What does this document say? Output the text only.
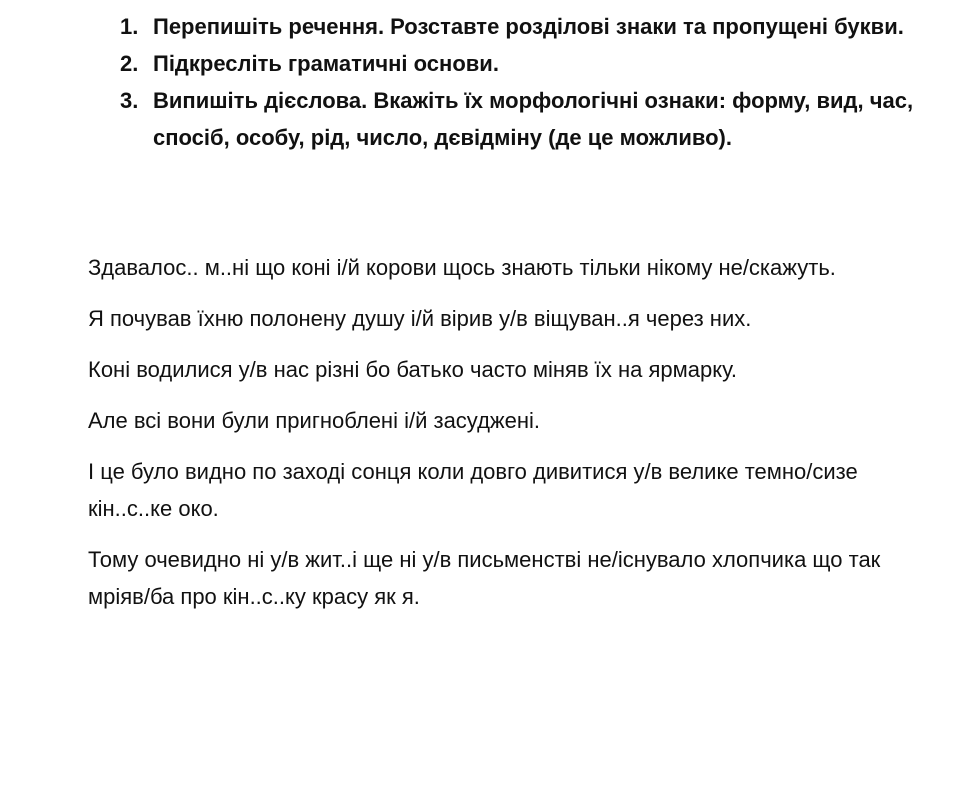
1. Перепишіть речення. Розставте розділові знаки та пропущені букви.
2. Підкресліть граматичні основи.
3. Випишіть дієслова. Вкажіть їх морфологічні ознаки: форму, вид, час, спосіб, особу, рід, число, дєвідміну (де це можливо).

Здавалос.. м..ні що коні і/й корови щось знають тільки нікому не/скажуть.

Я почував їхню полонену душу і/й вірив у/в віщуван..я через них.

Коні водилися у/в нас різні бо батько часто міняв їх на ярмарку.

Але всі вони були пригноблені і/й засуджені.

І це було видно по заході сонця коли довго дивитися у/в велике темно/сизе кін..с..ке око.

Тому очевидно ні у/в жит..і ще ні у/в письменстві не/існувало хлопчика що так мріяв/ба про кін..с..ку красу як я.
